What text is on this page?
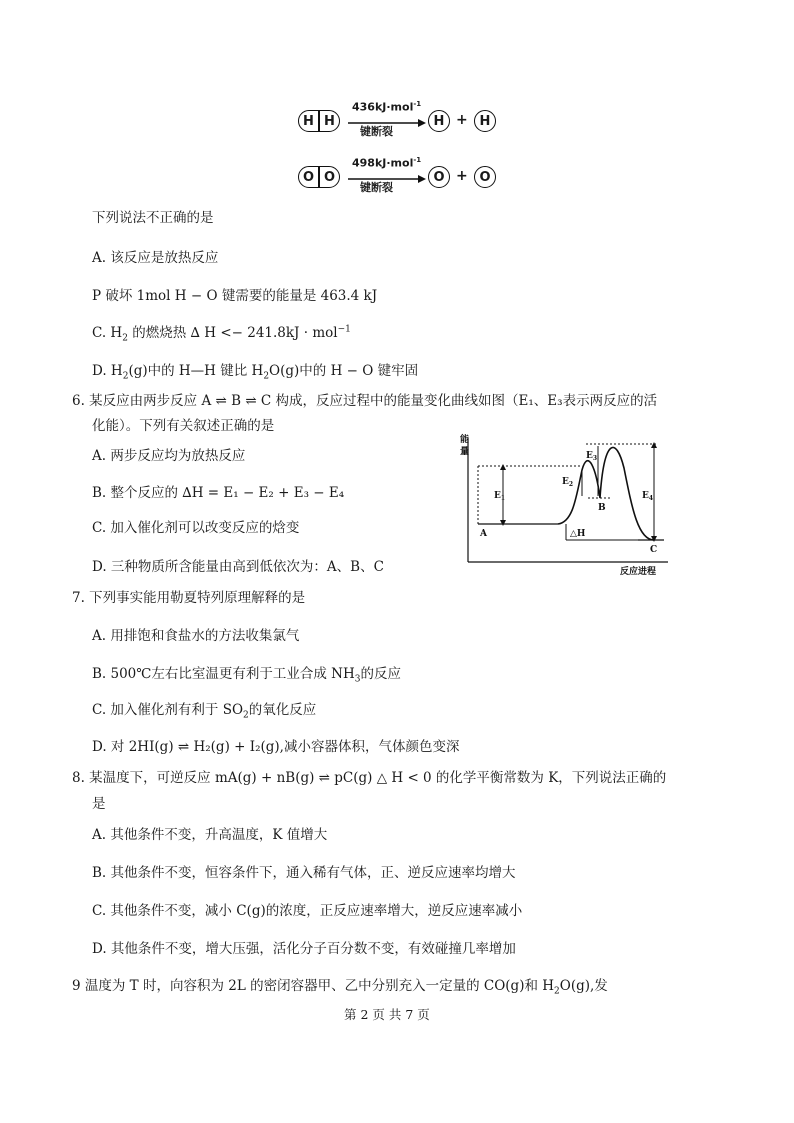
H H
436kJ·mol$^{-1}$
键断裂
H + H
O O
498kJ·mol$^{-1}$
键断裂
O + O
下列说法不正确的是
A. 该反应是放热反应
P 破坏 1mol H − O 键需要的能量是 463.4 kJ
C. $H_2$ 的燃烧热 ∆ H <− 241.8kJ · mol$^{-1}$
D. $H_2(g)$中的 H—H 键比 $H_2O(g)$中的 H − O 键牢固
6. 某反应由两步反应 A ⇌ B ⇌ C 构成，反应过程中的能量变化曲线如图（E₁、E₃表示两反应的活
化能）。下列有关叙述正确的是
A. 两步反应均为放热反应
B. 整个反应的 ∆H = E₁ − E₂ + E₃ − E₄
C. 加入催化剂可以改变反应的焓变
D. 三种物质所含能量由高到低依次为：A、B、C
能
量
$E_1$
$E_2$
$E_3$
$E_4$
△H
A
B
C
反应进程
7. 下列事实能用勒夏特列原理解释的是
A. 用排饱和食盐水的方法收集氯气
B. 500℃左右比室温更有利于工业合成 $NH_3$的反应
C. 加入催化剂有利于 $SO_2$的氧化反应
D. 对 2HI(g) ⇌ H₂(g) + I₂(g),减小容器体积，气体颜色变深
8. 某温度下，可逆反应 mA(g) + nB(g) ⇌ pC(g) △ H < 0 的化学平衡常数为 K，下列说法正确的
是
A. 其他条件不变，升高温度，K 值增大
B. 其他条件不变，恒容条件下，通入稀有气体，正、逆反应速率均增大
C. 其他条件不变，减小 C(g)的浓度，正反应速率增大，逆反应速率减小
D. 其他条件不变，增大压强，活化分子百分数不变，有效碰撞几率增加
9 温度为 T 时，向容积为 2L 的密闭容器甲、乙中分别充入一定量的 CO(g)和 $H_2O(g)$,发
第 2 页 共 7 页
